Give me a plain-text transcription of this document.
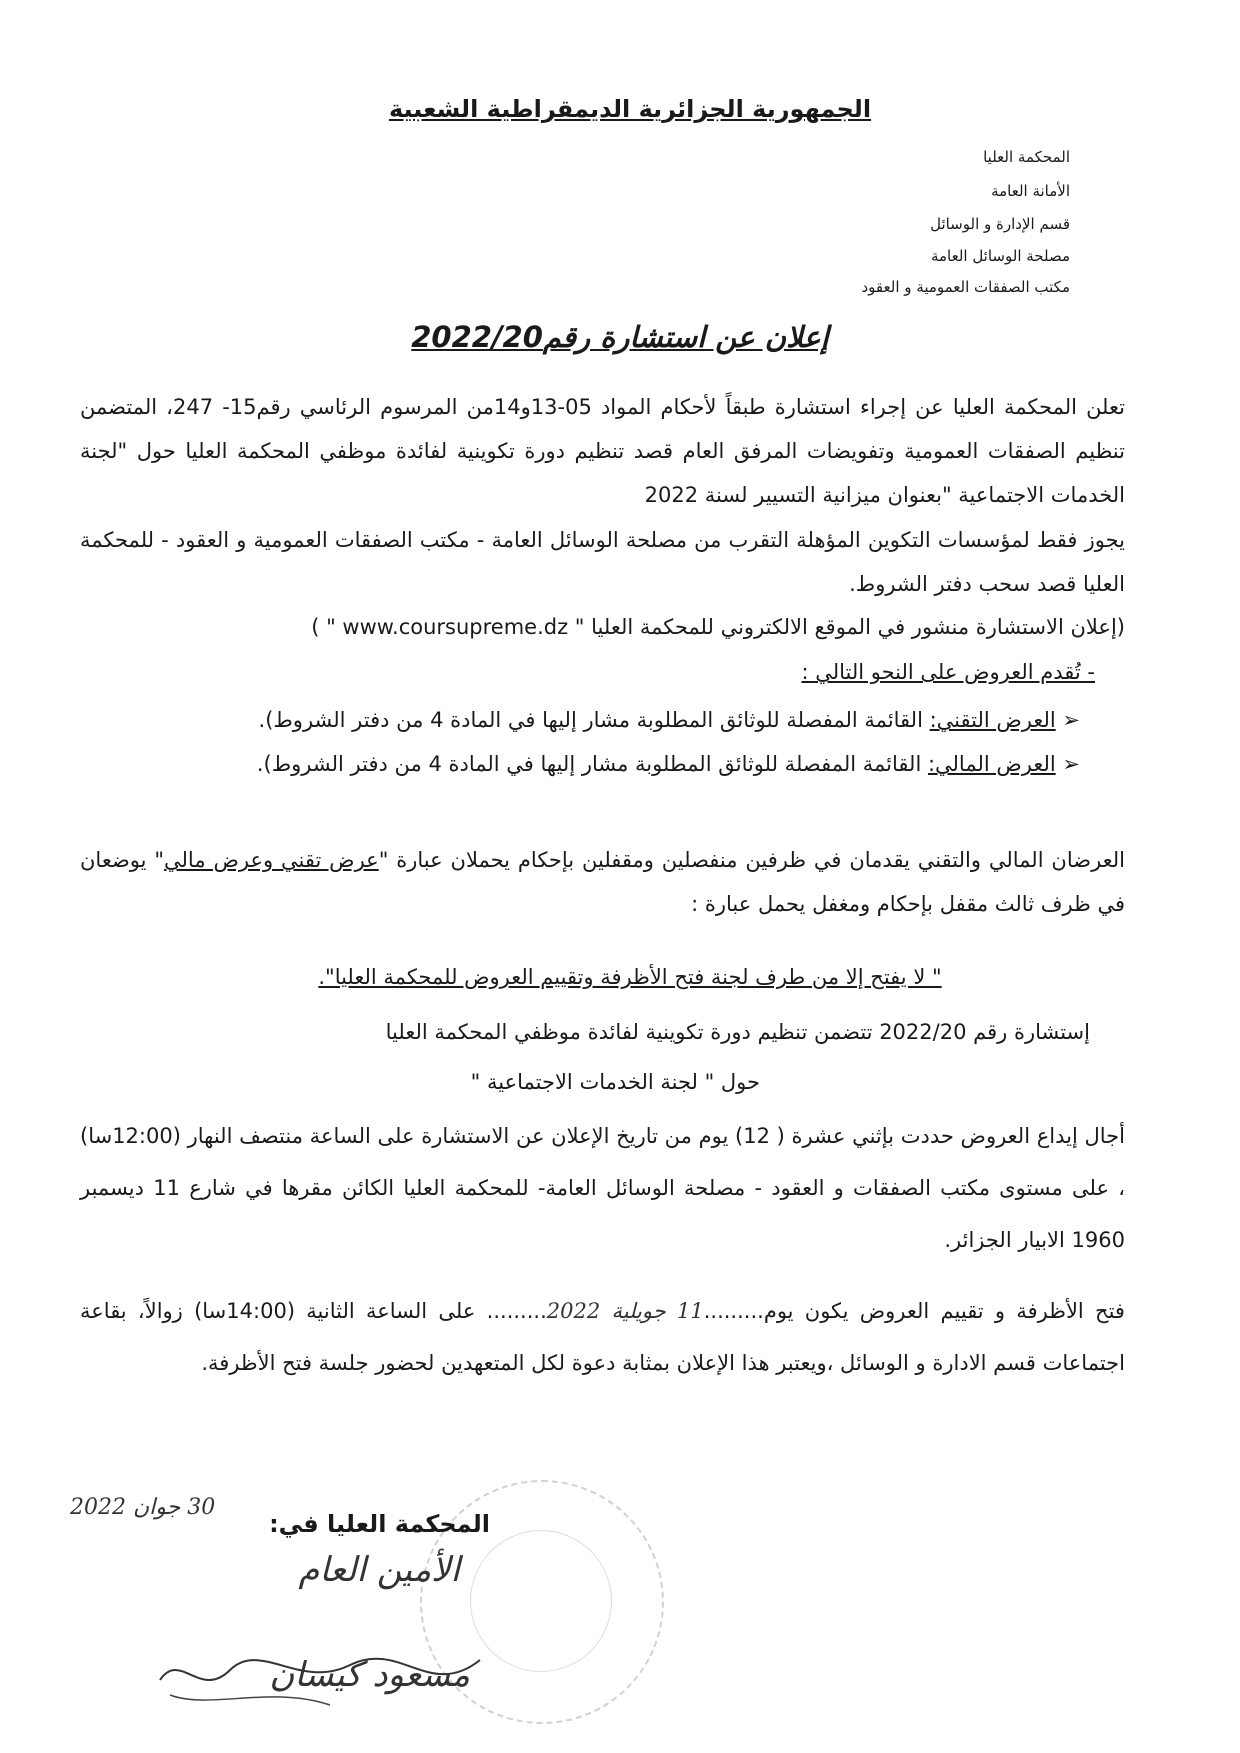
الجمهورية الجزائرية الديمقراطية الشعبية
المحكمة العليا
الأمانة العامة
قسم الإدارة و الوسائل
مصلحة الوسائل العامة
مكتب الصفقات العمومية و العقود
إعلان عن استشارة رقم2022/20
تعلن المحكمة العليا عن إجراء استشارة طبقاً لأحكام المواد 05-13و14من المرسوم الرئاسي رقم15- 247، المتضمن تنظيم الصفقات العمومية وتفويضات المرفق العام قصد تنظيم دورة تكوينية لفائدة موظفي المحكمة العليا حول "لجنة الخدمات الاجتماعية "بعنوان ميزانية التسيير لسنة 2022
يجوز فقط لمؤسسات التكوين المؤهلة التقرب من مصلحة الوسائل العامة - مكتب الصفقات العمومية و العقود - للمحكمة العليا قصد سحب دفتر الشروط.
(إعلان الاستشارة منشور في الموقع الالكتروني للمحكمة العليا " www.coursupreme.dz " )
- تُقدم العروض على النحو التالي :
➢ العرض التقني: القائمة المفصلة للوثائق المطلوبة مشار إليها في المادة 4 من دفتر الشروط).
➢ العرض المالي: القائمة المفصلة للوثائق المطلوبة مشار إليها في المادة 4 من دفتر الشروط).
العرضان المالي والتقني يقدمان في ظرفين منفصلين ومقفلين بإحكام يحملان عبارة "عرض تقني وعرض مالي" يوضعان في ظرف ثالث مقفل بإحكام ومغفل يحمل عبارة :
" لا يفتح إلا من طرف لجنة فتح الأظرفة وتقييم العروض للمحكمة العليا".
إستشارة رقم 2022/20 تتضمن تنظيم دورة تكوينية لفائدة موظفي المحكمة العليا
حول " لجنة الخدمات الاجتماعية "
أجال إيداع العروض حددت بإثني عشرة ( 12) يوم من تاريخ الإعلان عن الاستشارة على الساعة منتصف النهار (12:00سا) ، على مستوى مكتب الصفقات و العقود - مصلحة الوسائل العامة- للمحكمة العليا الكائن مقرها في شارع 11 ديسمبر 1960 الابيار الجزائر.
فتح الأظرفة و تقييم العروض يكون يوم.........11 جويلية 2022......... على الساعة الثانية (14:00سا) زوالاً، بقاعة اجتماعات قسم الادارة و الوسائل ،ويعتبر هذا الإعلان بمثابة دعوة لكل المتعهدين لحضور جلسة فتح الأظرفة.
30 جوان 2022
المحكمة العليا في:
الأمين العام
مسعود كيسان
